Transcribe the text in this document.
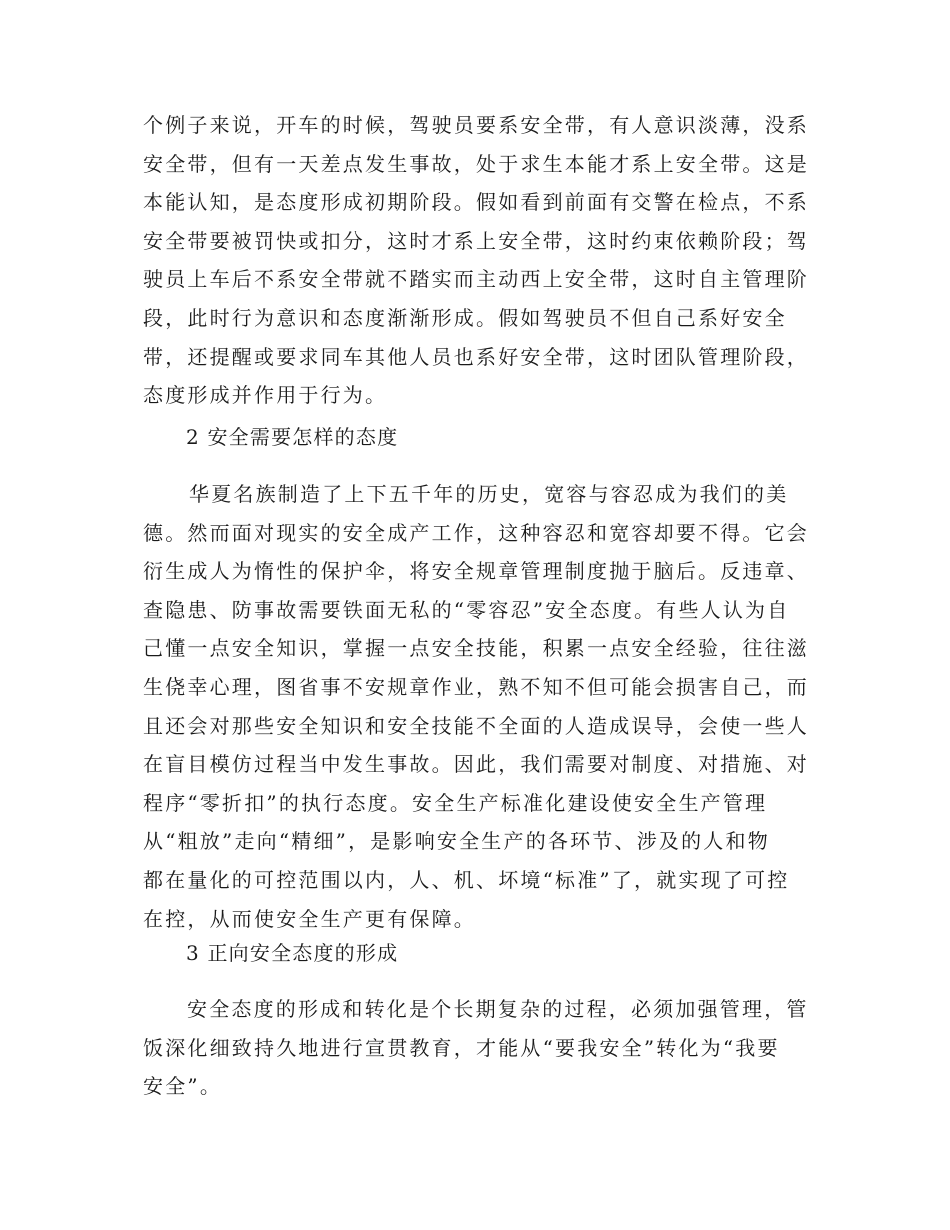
个例子来说，开车的时候，驾驶员要系安全带，有人意识淡薄，没系
安全带，但有一天差点发生事故，处于求生本能才系上安全带。这是
本能认知，是态度形成初期阶段。假如看到前面有交警在检点，不系
安全带要被罚快或扣分，这时才系上安全带，这时约束依赖阶段；驾
驶员上车后不系安全带就不踏实而主动西上安全带，这时自主管理阶
段，此时行为意识和态度渐渐形成。假如驾驶员不但自己系好安全
带，还提醒或要求同车其他人员也系好安全带，这时团队管理阶段，
态度形成并作用于行为。
2 安全需要怎样的态度
华夏名族制造了上下五千年的历史，宽容与容忍成为我们的美
德。然而面对现实的安全成产工作，这种容忍和宽容却要不得。它会
衍生成人为惰性的保护伞，将安全规章管理制度抛于脑后。反违章、
查隐患、防事故需要铁面无私的“零容忍”安全态度。有些人认为自
己懂一点安全知识，掌握一点安全技能，积累一点安全经验，往往滋
生侥幸心理，图省事不安规章作业，熟不知不但可能会损害自己，而
且还会对那些安全知识和安全技能不全面的人造成误导，会使一些人
在盲目模仿过程当中发生事故。因此，我们需要对制度、对措施、对
程序“零折扣”的执行态度。安全生产标准化建设使安全生产管理
从“粗放”走向“精细”，是影响安全生产的各环节、涉及的人和物
都在量化的可控范围以内，人、机、坏境“标准”了，就实现了可控
在控，从而使安全生产更有保障。
3 正向安全态度的形成
安全态度的形成和转化是个长期复杂的过程，必须加强管理，管
饭深化细致持久地进行宣贯教育，才能从“要我安全”转化为“我要
安全”。
